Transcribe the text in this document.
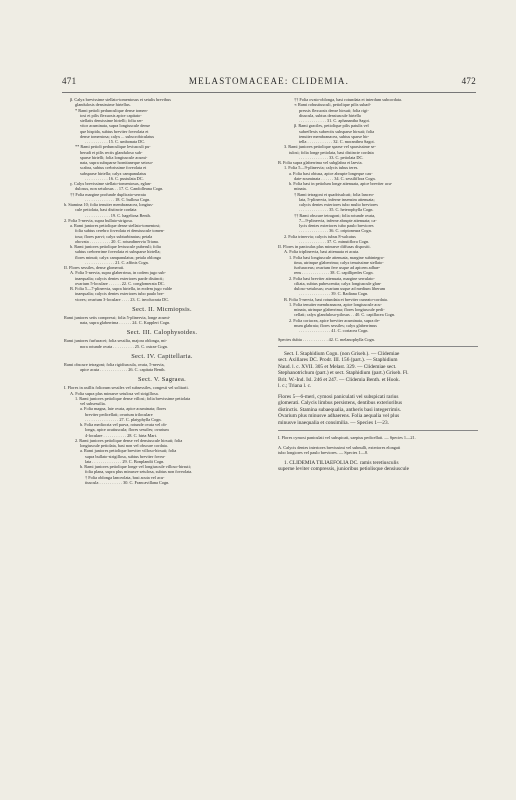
471	MELASTOMACEAE: CLIDEMIA.	472
β. Calyx brevissime stellato-tomentosus et setulis brevibus
glandulosis densissime hirtellus.
* Rami petioli pedunculique dense tomen-
tosi et pilis flexuosis apice capitato-
stellatis densissime hirtelli; folia ser-
vitor acuminata, supra longiuscule dense
que hispida, subtus breviter foveolata et
dense tomentosa; calyx ... subscrobiculatus
. . . . . . . . . . . 15. C. umbonata DC.
** Rami petioli pedunculique leviusculi pu-
berudi et pilis rectis glanduloso sub-
sparse hirtelli; folia longiuscule acumi-
nata, supra subsparse hornitaneque setoso-
scabra, subtus crebrissime foveolata et
subsparse hirtella; calyx campanulatus
. . . . . . . . . . . 16. C. pustulata DC.
γ. Calyx brevissime stellato-tomentosus, eglan-
dulosus, non setulosus . . 17. C. Candolleana Cogn.
†† Folia margine profunde duplicato-serrata
. . . . . . . . . . . . . . 18. C. bullosa Cogn.
b. Stamina 10; folia tenuiter membranacea, longius-
cule petiolata, basi distincte cordata
. . . . . . . . . . . . 19. C. hageliosa Benth.
2. Folia 5-nervia, supra bullato-strigosa.
a. Rami juniores petiolique dense stellato-tomentosi;
folia subtus cerebro foveolata et densiuscule tomen-
tosa; flores parvi; calyx subturbinatus; petala
obovata . . . . . . . . . . 20. C. rotundinervia Triana.
b. Rami juniores petiolique leviuscule puberuli; folia
subtus crebrerrime foveolata et subsparse hirtella;
flores minuti; calyx campanulatus; petala oblonga
. . . . . . . . . . . . . . 21. C. affinis Cogn.
II. Flores sessiles, dense glomerati.
A. Folia 5-nervia, supra glaberrima, in codem jugo sub-
inaequalia; calycis dentes exteriores parde distincti;
ovarium 5-loculare . . . . . . 22. C. conglomerata DC.
B. Folia 5—7-plinervia, supra hirtella, in eodem jugo valde
inaequalia; calycis dentes exteriores tubo paulo bre-
viores; ovarium 3-loculare . . . . 23. C. involucrata DC.
Sect. II. Micmiopsis.
Rami juniores setis compressi; folia 5-plinervia, longe acumi-
nata, supra glaberrima . . . . . . 24. C. Kappleri Cogn.
Sect. III. Calophysoides.
Rami juniores furfuracei; folia sessilia, majora oblonga, mi-
nora rotunde ovata . . . . . . . . . . 25. C. ostrae Cogn.
Sect. IV. Capitellaria.
Rami obscure tetragoni; folia rigidiuscula, ovata, 5-nervia,
apice acuta . . . . . . . . . . . . . 26. C. capitata Benth.
Sect. V. Sagraea.
I. Flores in axillis foliorum sessiles vel subsessiles, congesti vel solitarii.
A. Folia supra plus minusve setulosa vel strigillosa.
1. Rami juniores petiolique dense villosi; folia brevissime petiolata
vel subsessilia.
a. Folia magna, late ovata, apice acuminata; flores
breviter pedicellati; ovarium triloculare
. . . . . . . . . . . . . . . . 27. C. platyphylla Cogn.
b. Folia mediocria vel parva, rotunde ovata vel ob-
longa, apice acutiuscula; flores sessiles; ovarium
4-loculare . . . . . . . . . . . 28. C. hirta Mart.
2. Rami juniores petiolique dense vel densiuscule hirsuti; folia
longiuscule petiolata, basi non vel obscure cordata.
a. Rami juniores petiolique breviter villoso-hirsuti; folia
supra bullato-strigillosa, subtus breviter fovea-
lata . . . . . . . . . . . . . . 29. C. Bonplandii Cogn.
b. Rami juniores petiolique longe vel longiuscule villoso-hirsuti;
folia plana, supra plus minusve setulosa, subtus non foveolata.
† Folia oblonga lanceolata, basi acuta vel acu-
tiuscula . . . . . . . . . . . 30. C. Francavillana Cogn.
†† Folia ovato-oblonga, basi rotundata et interdum subcordata.
∝ Rami robustiusculi, petiolique pilis subad-
pressis flexuosis dense hirsuti; folia rigi-
diuscula, subtus densiuscule hirtella
. . . . . . . . . . . . . 31. C. aphanantha Sagot.
β. Rami graciles, petiolique pilis patulis vel
subreflexis subrectis subsparse hirsuti; folia
tenuiter membranacea, subtus sparse hir-
tella . . . . . . . . . . . . 32. C. moranthea Sagot.
3. Rami juniores petiolique sparse vel sparsissime se-
tulosi; folia longe petiolata, basi distincte cordata
. . . . . . . . . . . . . . 33. C. petiolata DC.
B. Folia supra glaberrima vel subglabra et laevia.
1. Folia 5—9-plinervia; calycis tubus teres.
a. Folia basi obtusa, apice abrupte longeque cau-
date-acuminata . . . . . . 34. C. sessiliflora Cogn.
b. Folia basi in petiolum longe attenuata, apice breviter acu-
minata.
† Rami tetragoni et quadrisulcati; folia lanceo-
lata, 5-plinervia, inferne insensim attenuata;
calycis dentes exteriores tubo multo breviores
. . . . . . . . . . . . . . 35. C. heterophylla Cogn.
†† Rami obscure tetragoni; folia rotunde ovata,
7—9-plinervia, inferne abrupte attenuata; ca-
lycis dentes exteriores tubo paulo breviores
. . . . . . . . . . . . . . 36. C. oriptoneura Cogn.
2. Folia trinervia; calycis tubus 8-sulcatus
. . . . . . . . . . . . . 37. C. minutiflora Cogn.
II. Flores in paniculas plus minusve diffusas dispositi.
A. Folia triplinervia, basi attenuata et acuta.
1. Folia basi longiuscule attenuata, margine subintegro-
tima, utrinque glaberrima; calyx tenuissime stellato-
furfuraceus; ovarium fere usque ad apicem adhae-
rens . . . . . . . . . . . . . 38. C. capillipedes Cogn.
2. Folia basi breviter attenuata, margine serrulato-
ciliata, subtus pubescentia; calyx longiuscule glan-
duloso-setulosus; ovarium usque ad medium liberum
. . . . . . . . . . . . . . . 39. C. Radiana Cogn.
B. Folia 5-nervia, basi rotundata et breviter cuneato-cordata.
1. Folia tenuiter membranacea, apice longiuscule acu-
minata, utrinque glaberrima; flores longiuscule pedi-
cellati; calyx glanduloso-pilosus . . 40. C. capillacea Cogn.
2. Folia coriacea, apice breviter acuminata, supra de-
mum glabrata; flores sessiles; calyx glaberrimus
. . . . . . . . . . . . . . . 41. C. coriacea Cogn.
Species dubia . . . . . . . . . . . . 42. C. melanophylla Cogn.
Sect. I. Staphidium Cogn. (non Griseb.). — Clidemiae
sect. Axillares DC. Prodr. III. 156 (part.). — Staphidium
Naud. l. c. XVII. 305 et Melast. 329. — Clidemiae sect.
Stephanotrichum (part.) et sect. Staphidium (part.) Griseb. Fl.
Brit. W.-Ind. Isl. 246 et 247. — Clidemia Benth. et Hook.
l. c.; Triana l. c.
Flores 5—6-meri, cymosi paniculati vel subspicati rarius
glomerati. Calycis limbus persistens, dentibus exterioribus
distinctis. Stamina subaequalia, antheris basi integerrimis.
Ovarium plus minusve adhaerens. Folia aequalia vel plus
minusve inaequalia et consimilia. — Species 1—23.
I. Flores cymosi paniculati vel subspicati, saepius pedicellati. — Species 1—21.
A. Calycis dentes interiores breviusimi vel subnulli, exteriores elongati
tubo longiores vel paulo breviores. — Species 1—8.
1. CLIDEMIA TILIAEFOLIA DC. ramis teretiusculis
superne leviter compressis, junioribus petiolisque densiuscule
